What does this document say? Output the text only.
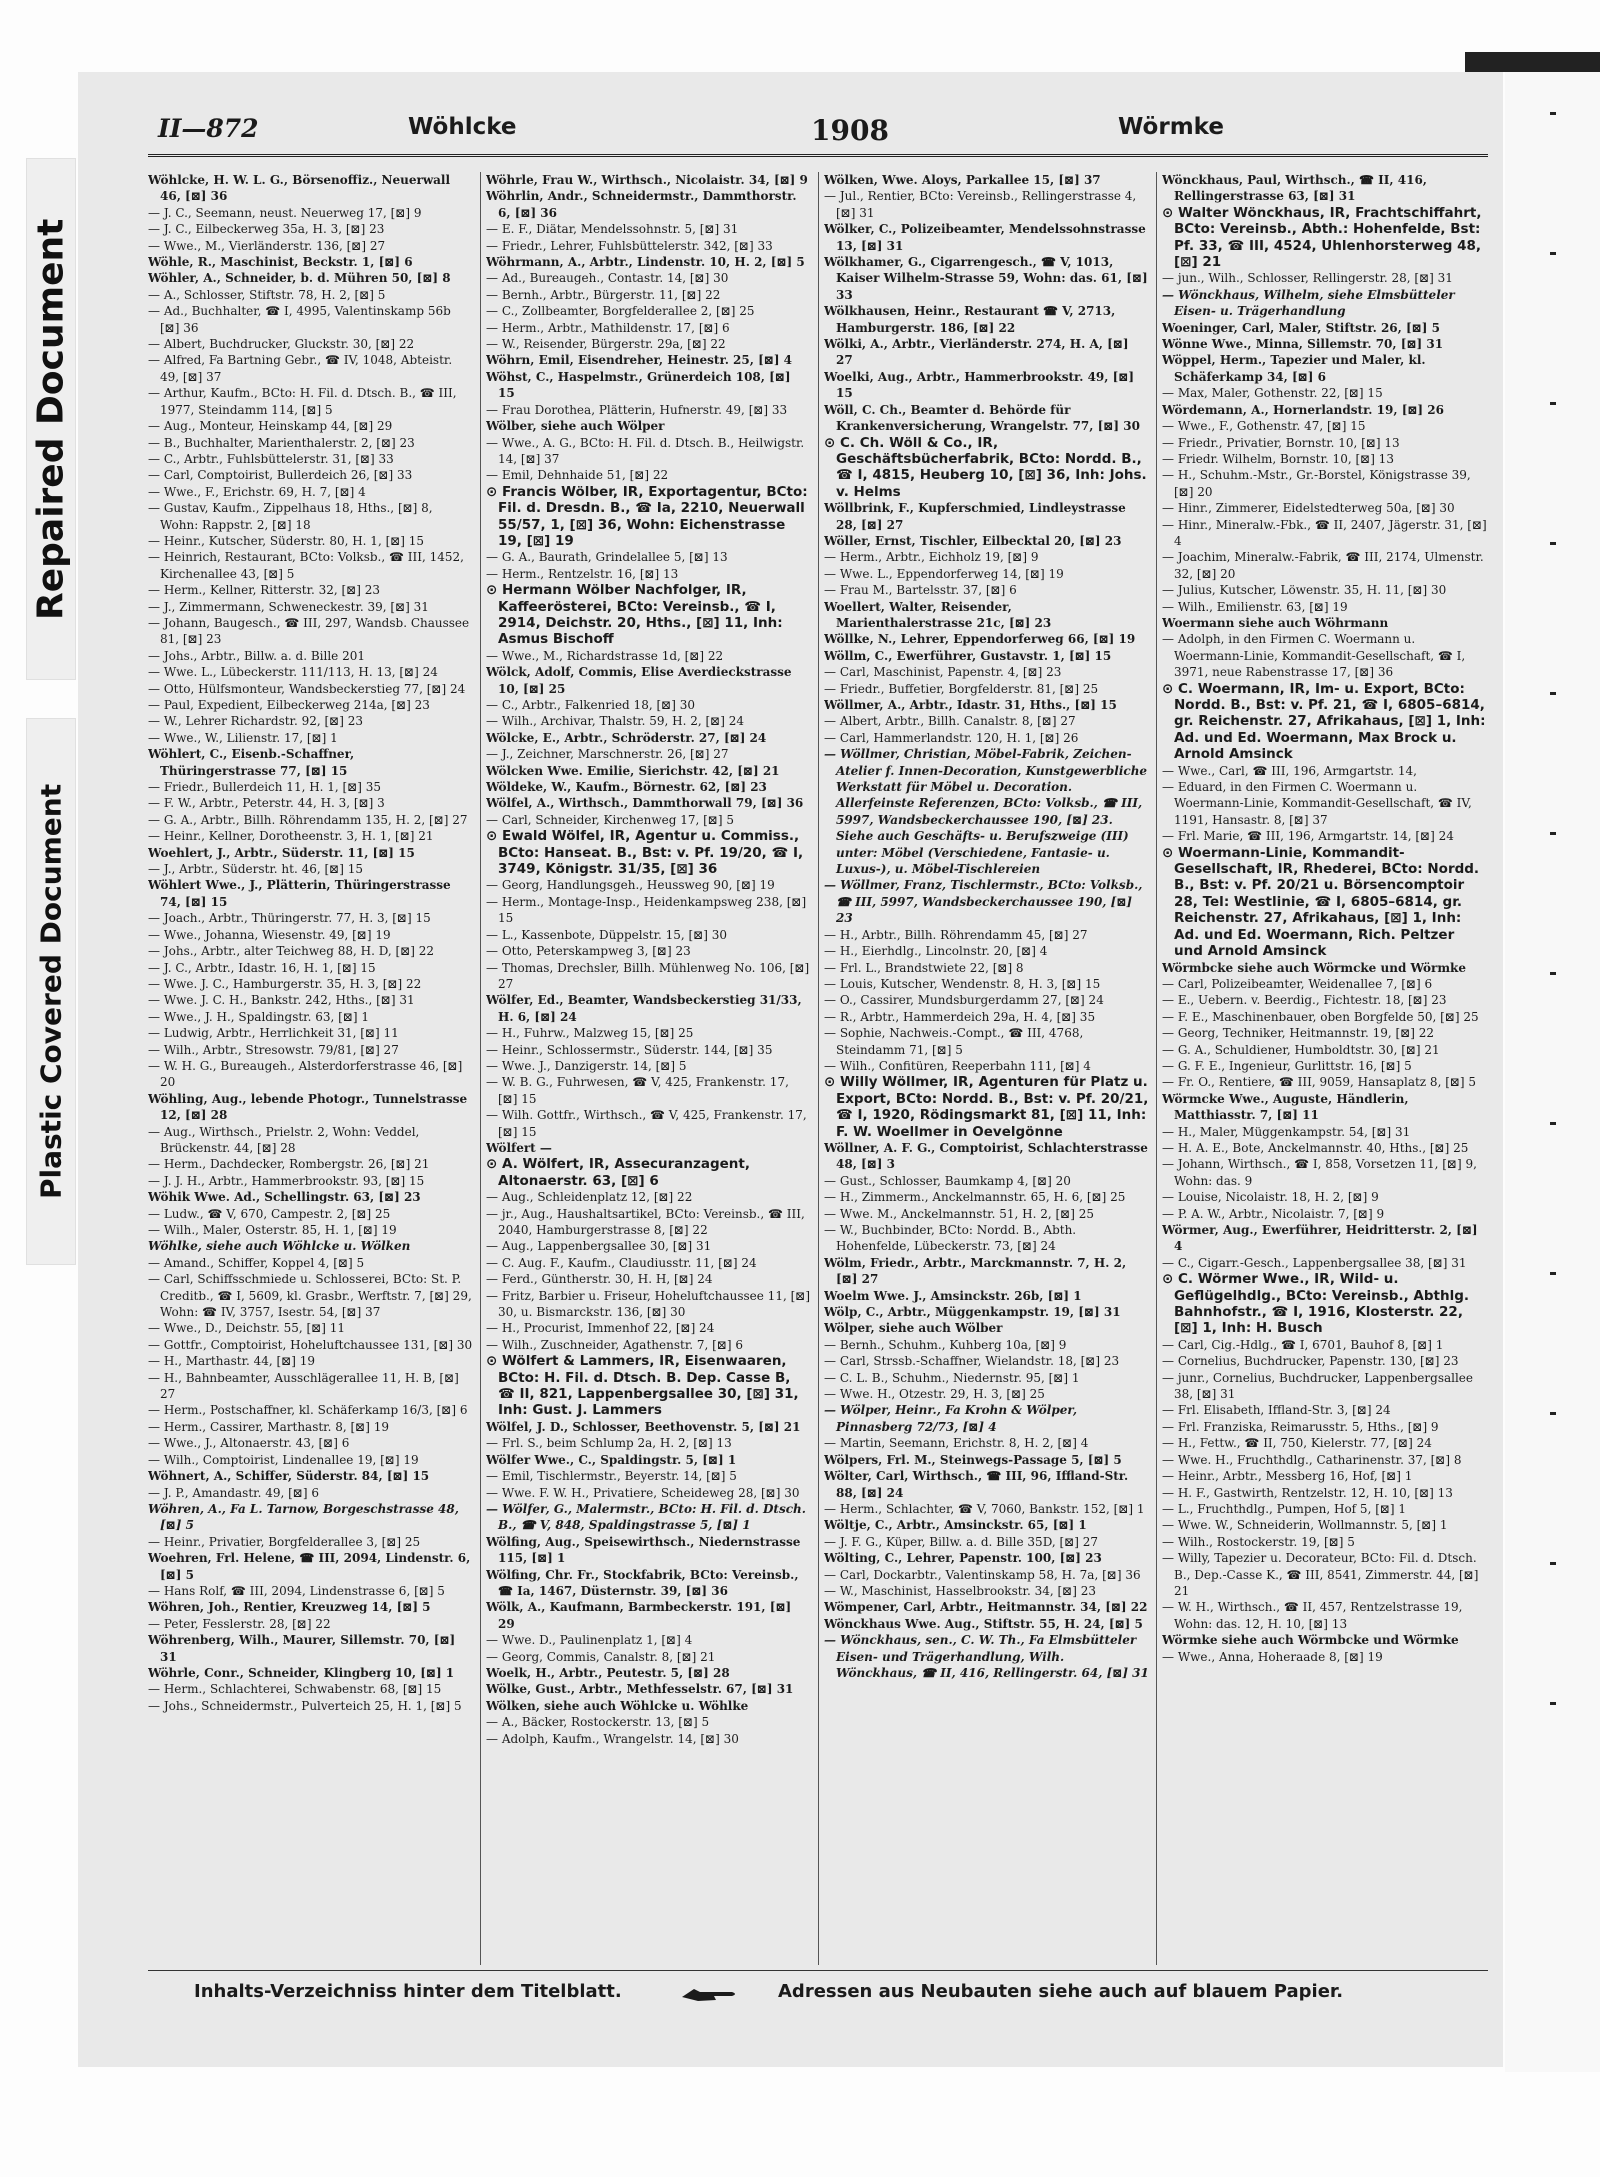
Repaired Document
Plastic Covered Document
II—872	Wöhlcke	1908	Wörmke

Wöhlcke, H. W. L. G., Börsenoffiz., Neuerwall 46, [⊠] 36

— J. C., Seemann, neust. Neuerweg 17, [⊠] 9

— J. C., Eilbeckerweg 35a, H. 3, [⊠] 23

— Wwe., M., Vierländerstr. 136, [⊠] 27

Wöhle, R., Maschinist, Beckstr. 1, [⊠] 6

Wöhler, A., Schneider, b. d. Mühren 50, [⊠] 8

— A., Schlosser, Stiftstr. 78, H. 2, [⊠] 5

— Ad., Buchhalter, ☎ I, 4995, Valentinskamp 56b [⊠] 36

— Albert, Buchdrucker, Gluckstr. 30, [⊠] 22

— Alfred, Fa Bartning Gebr., ☎ IV, 1048, Abteistr. 49, [⊠] 37

— Arthur, Kaufm., BCto: H. Fil. d. Dtsch. B., ☎ III, 1977, Steindamm 114, [⊠] 5

— Aug., Monteur, Heinskamp 44, [⊠] 29

— B., Buchhalter, Marienthalerstr. 2, [⊠] 23

— C., Arbtr., Fuhlsbüttelerstr. 31, [⊠] 33

— Carl, Comptoirist, Bullerdeich 26, [⊠] 33

— Wwe., F., Erichstr. 69, H. 7, [⊠] 4

— Gustav, Kaufm., Zippelhaus 18, Hths., [⊠] 8, Wohn: Rappstr. 2, [⊠] 18

— Heinr., Kutscher, Süderstr. 80, H. 1, [⊠] 15

— Heinrich, Restaurant, BCto: Volksb., ☎ III, 1452, Kirchenallee 43, [⊠] 5

— Herm., Kellner, Ritterstr. 32, [⊠] 23

— J., Zimmermann, Schweneckestr. 39, [⊠] 31

— Johann, Baugesch., ☎ III, 297, Wandsb. Chaussee 81, [⊠] 23

— Johs., Arbtr., Billw. a. d. Bille 201

— Wwe. L., Lübeckerstr. 111/113, H. 13, [⊠] 24

— Otto, Hülfsmonteur, Wandsbeckerstieg 77, [⊠] 24

— Paul, Expedient, Eilbeckerweg 214a, [⊠] 23

— W., Lehrer Richardstr. 92, [⊠] 23

— Wwe., W., Lilienstr. 17, [⊠] 1

Wöhlert, C., Eisenb.-Schaffner, Thüringerstrasse 77, [⊠] 15

— Friedr., Bullerdeich 11, H. 1, [⊠] 35

— F. W., Arbtr., Peterstr. 44, H. 3, [⊠] 3

— G. A., Arbtr., Billh. Röhrendamm 135, H. 2, [⊠] 27

— Heinr., Kellner, Dorotheenstr. 3, H. 1, [⊠] 21

Woehlert, J., Arbtr., Süderstr. 11, [⊠] 15

— J., Arbtr., Süderstr. ht. 46, [⊠] 15

Wöhlert Wwe., J., Plätterin, Thüringerstrasse 74, [⊠] 15

— Joach., Arbtr., Thüringerstr. 77, H. 3, [⊠] 15

— Wwe., Johanna, Wiesenstr. 49, [⊠] 19

— Johs., Arbtr., alter Teichweg 88, H. D, [⊠] 22

— J. C., Arbtr., Idastr. 16, H. 1, [⊠] 15

— Wwe. J. C., Hamburgerstr. 35, H. 3, [⊠] 22

— Wwe. J. C. H., Bankstr. 242, Hths., [⊠] 31

— Wwe., J. H., Spaldingstr. 63, [⊠] 1

— Ludwig, Arbtr., Herrlichkeit 31, [⊠] 11

— Wilh., Arbtr., Stresowstr. 79/81, [⊠] 27

— W. H. G., Bureaugeh., Alsterdorferstrasse 46, [⊠] 20

Wöhling, Aug., lebende Photogr., Tunnelstrasse 12, [⊠] 28

— Aug., Wirthsch., Prielstr. 2, Wohn: Veddel, Brückenstr. 44, [⊠] 28

— Herm., Dachdecker, Rombergstr. 26, [⊠] 21

— J. J. H., Arbtr., Hammerbrookstr. 93, [⊠] 15

Wöhik Wwe. Ad., Schellingstr. 63, [⊠] 23

— Ludw., ☎ V, 670, Campestr. 2, [⊠] 25

— Wilh., Maler, Osterstr. 85, H. 1, [⊠] 19

Wöhlke, siehe auch Wöhlcke u. Wölken

— Amand., Schiffer, Koppel 4, [⊠] 5

— Carl, Schiffsschmiede u. Schlosserei, BCto: St. P. Creditb., ☎ I, 5609, kl. Grasbr., Werftstr. 7, [⊠] 29, Wohn: ☎ IV, 3757, Isestr. 54, [⊠] 37

— Wwe., D., Deichstr. 55, [⊠] 11

— Gottfr., Comptoirist, Hoheluftchaussee 131, [⊠] 30

— H., Marthastr. 44, [⊠] 19

— H., Bahnbeamter, Ausschlägerallee 11, H. B, [⊠] 27

— Herm., Postschaffner, kl. Schäferkamp 16/3, [⊠] 6

— Herm., Cassirer, Marthastr. 8, [⊠] 19

— Wwe., J., Altonaerstr. 43, [⊠] 6

— Wilh., Comptoirist, Lindenallee 19, [⊠] 19

Wöhnert, A., Schiffer, Süderstr. 84, [⊠] 15

— J. P., Amandastr. 49, [⊠] 6

Wöhren, A., Fa L. Tarnow, Borgeschstrasse 48, [⊠] 5

— Heinr., Privatier, Borgfelderallee 3, [⊠] 25

Woehren, Frl. Helene, ☎ III, 2094, Lindenstr. 6, [⊠] 5

— Hans Rolf, ☎ III, 2094, Lindenstrasse 6, [⊠] 5

Wöhren, Joh., Rentier, Kreuzweg 14, [⊠] 5

— Peter, Fesslerstr. 28, [⊠] 22

Wöhrenberg, Wilh., Maurer, Sillemstr. 70, [⊠] 31

Wöhrle, Conr., Schneider, Klingberg 10, [⊠] 1

— Herm., Schlachterei, Schwabenstr. 68, [⊠] 15

— Johs., Schneidermstr., Pulverteich 25, H. 1, [⊠] 5

Wöhrle, Frau W., Wirthsch., Nicolaistr. 34, [⊠] 9

Wöhrlin, Andr., Schneidermstr., Dammthorstr. 6, [⊠] 36

— E. F., Diätar, Mendelssohnstr. 5, [⊠] 31

— Friedr., Lehrer, Fuhlsbüttelerstr. 342, [⊠] 33

Wöhrmann, A., Arbtr., Lindenstr. 10, H. 2, [⊠] 5

— Ad., Bureaugeh., Contastr. 14, [⊠] 30

— Bernh., Arbtr., Bürgerstr. 11, [⊠] 22

— C., Zollbeamter, Borgfelderallee 2, [⊠] 25

— Herm., Arbtr., Mathildenstr. 17, [⊠] 6

— W., Reisender, Bürgerstr. 29a, [⊠] 22

Wöhrn, Emil, Eisendreher, Heinestr. 25, [⊠] 4

Wöhst, C., Haspelmstr., Grünerdeich 108, [⊠] 15

— Frau Dorothea, Plätterin, Hufnerstr. 49, [⊠] 33

Wölber, siehe auch Wölper

— Wwe., A. G., BCto: H. Fil. d. Dtsch. B., Heilwigstr. 14, [⊠] 37

— Emil, Dehnhaide 51, [⊠] 22

⊙ Francis Wölber, IR, Exportagentur, BCto: Fil. d. Dresdn. B., ☎ Ia, 2210, Neuerwall 55/57, 1, [⊠] 36, Wohn: Eichenstrasse 19, [⊠] 19

— G. A., Baurath, Grindelallee 5, [⊠] 13

— Herm., Rentzelstr. 16, [⊠] 13

⊙ Hermann Wölber Nachfolger, IR, Kaffeerösterei, BCto: Vereinsb., ☎ I, 2914, Deichstr. 20, Hths., [⊠] 11, Inh: Asmus Bischoff

— Wwe., M., Richardstrasse 1d, [⊠] 22

Wölck, Adolf, Commis, Elise Averdieckstrasse 10, [⊠] 25

— C., Arbtr., Falkenried 18, [⊠] 30

— Wilh., Archivar, Thalstr. 59, H. 2, [⊠] 24

Wölcke, E., Arbtr., Schröderstr. 27, [⊠] 24

— J., Zeichner, Marschnerstr. 26, [⊠] 27

Wölcken Wwe. Emilie, Sierichstr. 42, [⊠] 21

Wöldeke, W., Kaufm., Börnestr. 62, [⊠] 23

Wölfel, A., Wirthsch., Dammthorwall 79, [⊠] 36

— Carl, Schneider, Kirchenweg 17, [⊠] 5

⊙ Ewald Wölfel, IR, Agentur u. Commiss., BCto: Hanseat. B., Bst: v. Pf. 19/20, ☎ I, 3749, Königstr. 31/35, [⊠] 36

— Georg, Handlungsgeh., Heussweg 90, [⊠] 19

— Herm., Montage-Insp., Heidenkampsweg 238, [⊠] 15

— L., Kassenbote, Düppelstr. 15, [⊠] 30

— Otto, Peterskampweg 3, [⊠] 23

— Thomas, Drechsler, Billh. Mühlenweg No. 106, [⊠] 27

Wölfer, Ed., Beamter, Wandsbeckerstieg 31/33, H. 6, [⊠] 24

— H., Fuhrw., Malzweg 15, [⊠] 25

— Heinr., Schlossermstr., Süderstr. 144, [⊠] 35

— Wwe. J., Danzigerstr. 14, [⊠] 5

— W. B. G., Fuhrwesen, ☎ V, 425, Frankenstr. 17, [⊠] 15

— Wilh. Gottfr., Wirthsch., ☎ V, 425, Frankenstr. 17, [⊠] 15

Wölfert —

⊙ A. Wölfert, IR, Assecuranzagent, Altonaerstr. 63, [⊠] 6

— Aug., Schleidenplatz 12, [⊠] 22

— jr., Aug., Haushaltsartikel, BCto: Vereinsb., ☎ III, 2040, Hamburgerstrasse 8, [⊠] 22

— Aug., Lappenbergsallee 30, [⊠] 31

— C. Aug. F., Kaufm., Claudiusstr. 11, [⊠] 24

— Ferd., Güntherstr. 30, H. H, [⊠] 24

— Fritz, Barbier u. Friseur, Hoheluftchaussee 11, [⊠] 30, u. Bismarckstr. 136, [⊠] 30

— H., Procurist, Immenhof 22, [⊠] 24

— Wilh., Zuschneider, Agathenstr. 7, [⊠] 6

⊙ Wölfert & Lammers, IR, Eisenwaaren, BCto: H. Fil. d. Dtsch. B. Dep. Casse B, ☎ II, 821, Lappenbergsallee 30, [⊠] 31, Inh: Gust. J. Lammers

Wölfel, J. D., Schlosser, Beethovenstr. 5, [⊠] 21

— Frl. S., beim Schlump 2a, H. 2, [⊠] 13

Wölfer Wwe., C., Spaldingstr. 5, [⊠] 1

— Emil, Tischlermstr., Beyerstr. 14, [⊠] 5

— Wwe. F. W. H., Privatiere, Scheideweg 28, [⊠] 30

— Wölfer, G., Malermstr., BCto: H. Fil. d. Dtsch. B., ☎ V, 848, Spaldingstrasse 5, [⊠] 1

Wölfing, Aug., Speisewirthsch., Niedernstrasse 115, [⊠] 1

Wölfing, Chr. Fr., Stockfabrik, BCto: Vereinsb., ☎ Ia, 1467, Düsternstr. 39, [⊠] 36

Wölk, A., Kaufmann, Barmbeckerstr. 191, [⊠] 29

— Wwe. D., Paulinenplatz 1, [⊠] 4

— Georg, Commis, Canalstr. 8, [⊠] 21

Woelk, H., Arbtr., Peutestr. 5, [⊠] 28

Wölke, Gust., Arbtr., Methfesselstr. 67, [⊠] 31

Wölken, siehe auch Wöhlcke u. Wöhlke

— A., Bäcker, Rostockerstr. 13, [⊠] 5

— Adolph, Kaufm., Wrangelstr. 14, [⊠] 30

Wölken, Wwe. Aloys, Parkallee 15, [⊠] 37

— Jul., Rentier, BCto: Vereinsb., Rellingerstrasse 4, [⊠] 31

Wölker, C., Polizeibeamter, Mendelssohnstrasse 13, [⊠] 31

Wölkhamer, G., Cigarrengesch., ☎ V, 1013, Kaiser Wilhelm-Strasse 59, Wohn: das. 61, [⊠] 33

Wölkhausen, Heinr., Restaurant ☎ V, 2713, Hamburgerstr. 186, [⊠] 22

Wölki, A., Arbtr., Vierländerstr. 274, H. A, [⊠] 27

Woelki, Aug., Arbtr., Hammerbrookstr. 49, [⊠] 15

Wöll, C. Ch., Beamter d. Behörde für Krankenversicherung, Wrangelstr. 77, [⊠] 30

⊙ C. Ch. Wöll & Co., IR, Geschäftsbücherfabrik, BCto: Nordd. B., ☎ I, 4815, Heuberg 10, [⊠] 36, Inh: Johs. v. Helms

Wöllbrink, F., Kupferschmied, Lindleystrasse 28, [⊠] 27

Wöller, Ernst, Tischler, Eilbecktal 20, [⊠] 23

— Herm., Arbtr., Eichholz 19, [⊠] 9

— Wwe. L., Eppendorferweg 14, [⊠] 19

— Frau M., Bartelsstr. 37, [⊠] 6

Woellert, Walter, Reisender, Marienthalerstrasse 21c, [⊠] 23

Wöllke, N., Lehrer, Eppendorferweg 66, [⊠] 19

Wöllm, C., Ewerführer, Gustavstr. 1, [⊠] 15

— Carl, Maschinist, Papenstr. 4, [⊠] 23

— Friedr., Buffetier, Borgfelderstr. 81, [⊠] 25

Wöllmer, A., Arbtr., Idastr. 31, Hths., [⊠] 15

— Albert, Arbtr., Billh. Canalstr. 8, [⊠] 27

— Carl, Hammerlandstr. 120, H. 1, [⊠] 26

— Wöllmer, Christian, Möbel-Fabrik, Zeichen-Atelier f. Innen-Decoration, Kunstgewerbliche Werkstatt für Möbel u. Decoration. Allerfeinste Referenzen, BCto: Volksb., ☎ III, 5997, Wandsbeckerchaussee 190, [⊠] 23. Siehe auch Geschäfts- u. Berufszweige (III) unter: Möbel (Verschiedene, Fantasie- u. Luxus-), u. Möbel-Tischlereien

— Wöllmer, Franz, Tischlermstr., BCto: Volksb., ☎ III, 5997, Wandsbeckerchaussee 190, [⊠] 23

— H., Arbtr., Billh. Röhrendamm 45, [⊠] 27

— H., Eierhdlg., Lincolnstr. 20, [⊠] 4

— Frl. L., Brandstwiete 22, [⊠] 8

— Louis, Kutscher, Wendenstr. 8, H. 3, [⊠] 15

— O., Cassirer, Mundsburgerdamm 27, [⊠] 24

— R., Arbtr., Hammerdeich 29a, H. 4, [⊠] 35

— Sophie, Nachweis.-Compt., ☎ III, 4768, Steindamm 71, [⊠] 5

— Wilh., Confitüren, Reeperbahn 111, [⊠] 4

⊙ Willy Wöllmer, IR, Agenturen für Platz u. Export, BCto: Nordd. B., Bst: v. Pf. 20/21, ☎ I, 1920, Rödingsmarkt 81, [⊠] 11, Inh: F. W. Woellmer in Oevelgönne

Wöllner, A. F. G., Comptoirist, Schlachterstrasse 48, [⊠] 3

— Gust., Schlosser, Baumkamp 4, [⊠] 20

— H., Zimmerm., Anckelmannstr. 65, H. 6, [⊠] 25

— Wwe. M., Anckelmannstr. 51, H. 2, [⊠] 25

— W., Buchbinder, BCto: Nordd. B., Abth. Hohenfelde, Lübeckerstr. 73, [⊠] 24

Wölm, Friedr., Arbtr., Marckmannstr. 7, H. 2, [⊠] 27

Woelm Wwe. J., Amsinckstr. 26b, [⊠] 1

Wölp, C., Arbtr., Müggenkampstr. 19, [⊠] 31

Wölper, siehe auch Wölber

— Bernh., Schuhm., Kuhberg 10a, [⊠] 9

— Carl, Strssb.-Schaffner, Wielandstr. 18, [⊠] 23

— C. L. B., Schuhm., Niedernstr. 95, [⊠] 1

— Wwe. H., Otzestr. 29, H. 3, [⊠] 25

— Wölper, Heinr., Fa Krohn & Wölper, Pinnasberg 72/73, [⊠] 4

— Martin, Seemann, Erichstr. 8, H. 2, [⊠] 4

Wölpers, Frl. M., Steinwegs-Passage 5, [⊠] 5

Wölter, Carl, Wirthsch., ☎ III, 96, Iffland-Str. 88, [⊠] 24

— Herm., Schlachter, ☎ V, 7060, Bankstr. 152, [⊠] 1

Wöltje, C., Arbtr., Amsinckstr. 65, [⊠] 1

— J. F. G., Küper, Billw. a. d. Bille 35D, [⊠] 27

Wölting, C., Lehrer, Papenstr. 100, [⊠] 23

— Carl, Dockarbtr., Valentinskamp 58, H. 7a, [⊠] 36

— W., Maschinist, Hasselbrookstr. 34, [⊠] 23

Wömpener, Carl, Arbtr., Heitmannstr. 34, [⊠] 22

Wönckhaus Wwe. Aug., Stiftstr. 55, H. 24, [⊠] 5

— Wönckhaus, sen., C. W. Th., Fa Elmsbütteler Eisen- und Trägerhandlung, Wilh. Wönckhaus, ☎ II, 416, Rellingerstr. 64, [⊠] 31

Wönckhaus, Paul, Wirthsch., ☎ II, 416, Rellingerstrasse 63, [⊠] 31

⊙ Walter Wönckhaus, IR, Frachtschiffahrt, BCto: Vereinsb., Abth.: Hohenfelde, Bst: Pf. 33, ☎ III, 4524, Uhlenhorsterweg 48, [⊠] 21

— jun., Wilh., Schlosser, Rellingerstr. 28, [⊠] 31

— Wönckhaus, Wilhelm, siehe Elmsbütteler Eisen- u. Trägerhandlung

Woeninger, Carl, Maler, Stiftstr. 26, [⊠] 5

Wönne Wwe., Minna, Sillemstr. 70, [⊠] 31

Wöppel, Herm., Tapezier und Maler, kl. Schäferkamp 34, [⊠] 6

— Max, Maler, Gothenstr. 22, [⊠] 15

Wördemann, A., Hornerlandstr. 19, [⊠] 26

— Wwe., F., Gothenstr. 47, [⊠] 15

— Friedr., Privatier, Bornstr. 10, [⊠] 13

— Friedr. Wilhelm, Bornstr. 10, [⊠] 13

— H., Schuhm.-Mstr., Gr.-Borstel, Königstrasse 39, [⊠] 20

— Hinr., Zimmerer, Eidelstedterweg 50a, [⊠] 30

— Hinr., Mineralw.-Fbk., ☎ II, 2407, Jägerstr. 31, [⊠] 4

— Joachim, Mineralw.-Fabrik, ☎ III, 2174, Ulmenstr. 32, [⊠] 20

— Julius, Kutscher, Löwenstr. 35, H. 11, [⊠] 30

— Wilh., Emilienstr. 63, [⊠] 19

Woermann siehe auch Wöhrmann

— Adolph, in den Firmen C. Woermann u. Woermann-Linie, Kommandit-Gesellschaft, ☎ I, 3971, neue Rabenstrasse 17, [⊠] 36

⊙ C. Woermann, IR, Im- u. Export, BCto: Nordd. B., Bst: v. Pf. 21, ☎ I, 6805–6814, gr. Reichenstr. 27, Afrikahaus, [⊠] 1, Inh: Ad. und Ed. Woermann, Max Brock u. Arnold Amsinck

— Wwe., Carl, ☎ III, 196, Armgartstr. 14,

— Eduard, in den Firmen C. Woermann u. Woermann-Linie, Kommandit-Gesellschaft, ☎ IV, 1191, Hansastr. 8, [⊠] 37

— Frl. Marie, ☎ III, 196, Armgartstr. 14, [⊠] 24

⊙ Woermann-Linie, Kommandit-Gesellschaft, IR, Rhederei, BCto: Nordd. B., Bst: v. Pf. 20/21 u. Börsencomptoir 28, Tel: Westlinie, ☎ I, 6805–6814, gr. Reichenstr. 27, Afrikahaus, [⊠] 1, Inh: Ad. und Ed. Woermann, Rich. Peltzer und Arnold Amsinck

Wörmbcke siehe auch Wörmcke und Wörmke

— Carl, Polizeibeamter, Weidenallee 7, [⊠] 6

— E., Uebern. v. Beerdig., Fichtestr. 18, [⊠] 23

— F. E., Maschinenbauer, oben Borgfelde 50, [⊠] 25

— Georg, Techniker, Heitmannstr. 19, [⊠] 22

— G. A., Schuldiener, Humboldtstr. 30, [⊠] 21

— G. F. E., Ingenieur, Gurlittstr. 16, [⊠] 5

— Fr. O., Rentiere, ☎ III, 9059, Hansaplatz 8, [⊠] 5

Wörmcke Wwe., Auguste, Händlerin, Matthiasstr. 7, [⊠] 11

— H., Maler, Müggenkampstr. 54, [⊠] 31

— H. A. E., Bote, Anckelmannstr. 40, Hths., [⊠] 25

— Johann, Wirthsch., ☎ I, 858, Vorsetzen 11, [⊠] 9, Wohn: das. 9

— Louise, Nicolaistr. 18, H. 2, [⊠] 9

— P. A. W., Arbtr., Nicolaistr. 7, [⊠] 9

Wörmer, Aug., Ewerführer, Heidritterstr. 2, [⊠] 4

— C., Cigarr.-Gesch., Lappenbergsallee 38, [⊠] 31

⊙ C. Wörmer Wwe., IR, Wild- u. Geflügelhdlg., BCto: Vereinsb., Abthlg. Bahnhofstr., ☎ I, 1916, Klosterstr. 22, [⊠] 1, Inh: H. Busch

— Carl, Cig.-Hdlg., ☎ I, 6701, Bauhof 8, [⊠] 1

— Cornelius, Buchdrucker, Papenstr. 130, [⊠] 23

— junr., Cornelius, Buchdrucker, Lappenbergsallee 38, [⊠] 31

— Frl. Elisabeth, Iffland-Str. 3, [⊠] 24

— Frl. Franziska, Reimarusstr. 5, Hths., [⊠] 9

— H., Fettw., ☎ II, 750, Kielerstr. 77, [⊠] 24

— Wwe. H., Fruchthdlg., Catharinenstr. 37, [⊠] 8

— Heinr., Arbtr., Messberg 16, Hof, [⊠] 1

— H. F., Gastwirth, Rentzelstr. 12, H. 10, [⊠] 13

— L., Fruchthdlg., Pumpen, Hof 5, [⊠] 1

— Wwe. W., Schneiderin, Wollmannstr. 5, [⊠] 1

— Wilh., Rostockerstr. 19, [⊠] 5

— Willy, Tapezier u. Decorateur, BCto: Fil. d. Dtsch. B., Dep.-Casse K., ☎ III, 8541, Zimmerstr. 44, [⊠] 21

— W. H., Wirthsch., ☎ II, 457, Rentzelstrasse 19, Wohn: das. 12, H. 10, [⊠] 13

Wörmke siehe auch Wörmbcke und Wörmke

— Wwe., Anna, Hoheraade 8, [⊠] 19

Inhalts-Verzeichniss hinter dem Titelblatt.	Adressen aus Neubauten siehe auch auf blauem Papier.
